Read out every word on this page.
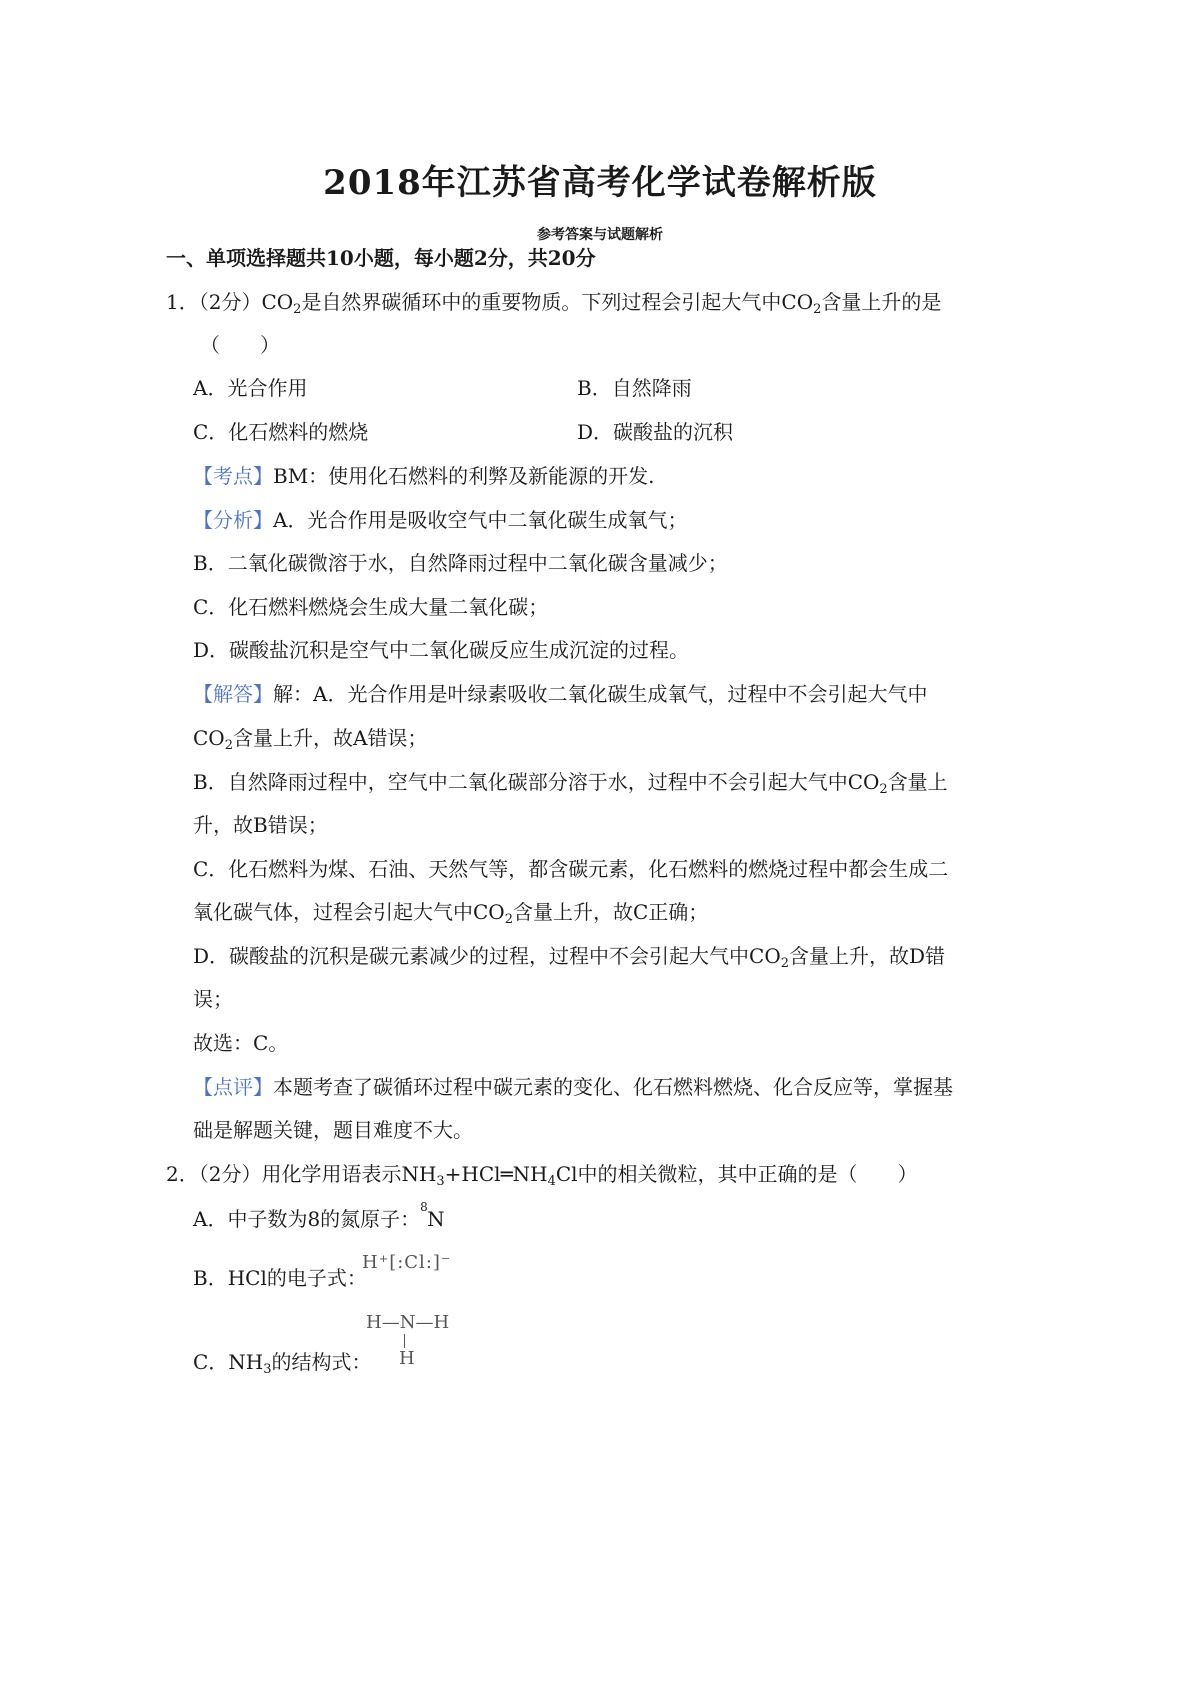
2018年江苏省高考化学试卷解析版
参考答案与试题解析
一、单项选择题共10小题，每小题2分，共20分
1．（2分）$CO_2$是自然界碳循环中的重要物质。下列过程会引起大气中$CO_2$含量上升的是
（　　）
A．光合作用	B．自然降雨
C．化石燃料的燃烧	D．碳酸盐的沉积
【考点】BM：使用化石燃料的利弊及新能源的开发.
【分析】A．光合作用是吸收空气中二氧化碳生成氧气；
B．二氧化碳微溶于水，自然降雨过程中二氧化碳含量减少；
C．化石燃料燃烧会生成大量二氧化碳；
D．碳酸盐沉积是空气中二氧化碳反应生成沉淀的过程。
【解答】解：A．光合作用是叶绿素吸收二氧化碳生成氧气，过程中不会引起大气中
$CO_2$含量上升，故A错误；
B．自然降雨过程中，空气中二氧化碳部分溶于水，过程中不会引起大气中$CO_2$含量上
升，故B错误；
C．化石燃料为煤、石油、天然气等，都含碳元素，化石燃料的燃烧过程中都会生成二
氧化碳气体，过程会引起大气中$CO_2$含量上升，故C正确；
D．碳酸盐的沉积是碳元素减少的过程，过程中不会引起大气中$CO_2$含量上升，故D错
误；
故选：C。
【点评】本题考查了碳循环过程中碳元素的变化、化石燃料燃烧、化合反应等，掌握基
础是解题关键，题目难度不大。
2．（2分）用化学用语表示$NH_3+HCl═NH_4Cl$中的相关微粒，其中正确的是（　　）
A．中子数为8的氮原子： 8 N
B．HCl的电子式：
H⁺[:Cl:]⁻
C．$NH_3$的结构式：
H—N—H
H
